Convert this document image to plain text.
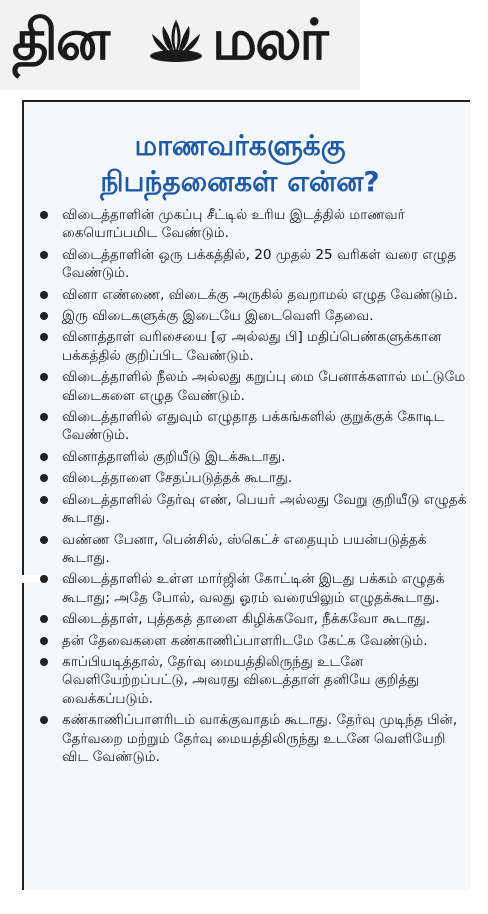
தின மலர்
மாணவர்களுக்கு
நிபந்தனைகள் என்ன?
விடைத்தாளின் முகப்பு சீட்டில் உரிய இடத்தில் மாணவர் கையொப்பமிட வேண்டும்.
விடைத்தாளின் ஒரு பக்கத்தில், 20 முதல் 25 வரிகள் வரை எழுத வேண்டும்.
வினா எண்ணை, விடைக்கு அருகில் தவறாமல் எழுத வேண்டும்.
இரு விடைகளுக்கு இடையே இடைவெளி தேவை.
வினாத்தாள் வரிசையை [ஏ அல்லது பி] மதிப்பெண்களுக்கான பக்கத்தில் குறிப்பிட வேண்டும்.
விடைத்தாளில் நீலம் அல்லது கறுப்பு மை பேனாக்களால் மட்டுமே விடைகளை எழுத வேண்டும்.
விடைத்தாளில் எதுவும் எழுதாத பக்கங்களில் குறுக்குக் கோடிட வேண்டும்.
வினாத்தாளில் குறியீடு இடக்கூடாது.
விடைத்தாளை சேதப்படுத்தக் கூடாது.
விடைத்தாளில் தேர்வு எண், பெயர் அல்லது வேறு குறியீடு எழுதக் கூடாது.
வண்ண பேனா, பென்சில், ஸ்கெட்ச் எதையும் பயன்படுத்தக் கூடாது.
விடைத்தாளில் உள்ள மார்ஜின் கோட்டின் இடது பக்கம் எழுதக் கூடாது; அதே போல், வலது ஓரம் வரையிலும் எழுதக்கூடாது.
விடைத்தாள், புத்தகத் தாளை கிழிக்கவோ, நீக்கவோ கூடாது.
தன் தேவைகளை கண்காணிப்பாளரிடமே கேட்க வேண்டும்.
காப்பியடித்தால், தேர்வு மையத்திலிருந்து உடனே வெளியேற்றப்பட்டு, அவரது விடைத்தாள் தனியே குறித்து வைக்கப்படும்.
கண்காணிப்பாளரிடம் வாக்குவாதம் கூடாது. தேர்வு முடிந்த பின், தேர்வறை மற்றும் தேர்வு மையத்திலிருந்து உடனே வெளியேறி விட வேண்டும்.
